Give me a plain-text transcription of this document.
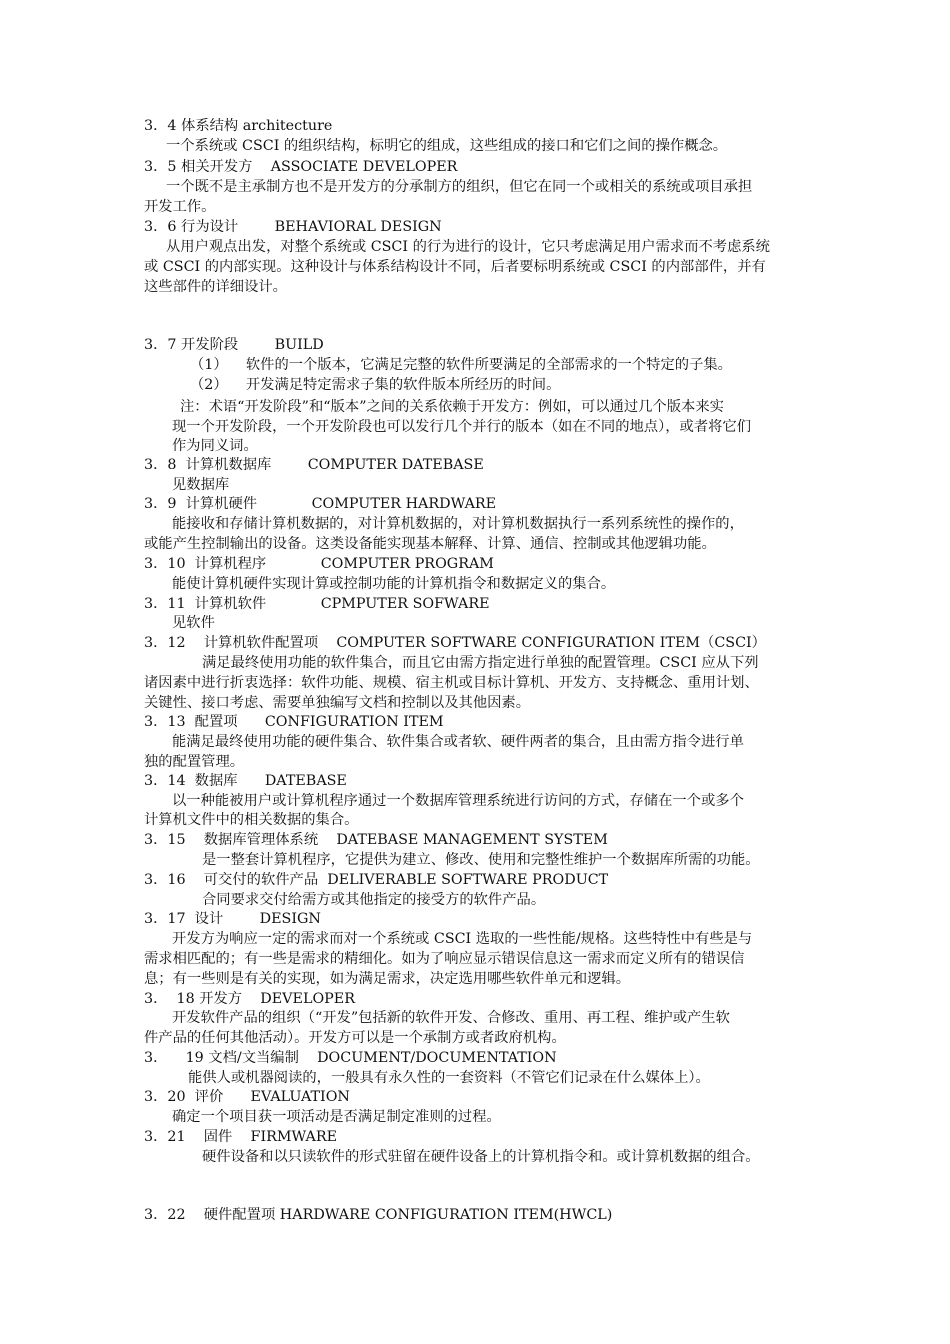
3．4 体系结构 architecture
一个系统或 CSCI 的组织结构，标明它的组成，这些组成的接口和它们之间的操作概念。
3．5 相关开发方    ASSOCIATE DEVELOPER
一个既不是主承制方也不是开发方的分承制方的组织，但它在同一个或相关的系统或项目承担
开发工作。
3．6 行为设计        BEHAVIORAL DESIGN
从用户观点出发，对整个系统或 CSCI 的行为进行的设计，它只考虑满足用户需求而不考虑系统
或 CSCI 的内部实现。这种设计与体系结构设计不同，后者要标明系统或 CSCI 的内部部件，并有
这些部件的详细设计。
3．7 开发阶段        BUILD
（1）    软件的一个版本，它满足完整的软件所要满足的全部需求的一个特定的子集。
（2）    开发满足特定需求子集的软件版本所经历的时间。
注：术语“开发阶段”和“版本”之间的关系依赖于开发方：例如，可以通过几个版本来实
现一个开发阶段，一个开发阶段也可以发行几个并行的版本（如在不同的地点），或者将它们
作为同义词。
3．8  计算机数据库        COMPUTER DATEBASE
见数据库
3．9  计算机硬件            COMPUTER HARDWARE
能接收和存储计算机数据的，对计算机数据的，对计算机数据执行一系列系统性的操作的，
或能产生控制输出的设备。这类设备能实现基本解释、计算、通信、控制或其他逻辑功能。
3．10  计算机程序            COMPUTER PROGRAM
能使计算机硬件实现计算或控制功能的计算机指令和数据定义的集合。
3．11  计算机软件            CPMPUTER SOFWARE
见软件
3．12    计算机软件配置项    COMPUTER SOFTWARE CONFIGURATION ITEM（CSCI）
满足最终使用功能的软件集合，而且它由需方指定进行单独的配置管理。CSCI 应从下列
诸因素中进行折衷选择：软件功能、规模、宿主机或目标计算机、开发方、支持概念、重用计划、
关键性、接口考虑、需要单独编写文档和控制以及其他因素。
3．13  配置项      CONFIGURATION ITEM
能满足最终使用功能的硬件集合、软件集合或者软、硬件两者的集合，且由需方指令进行单
独的配置管理。
3．14  数据库      DATEBASE
以一种能被用户或计算机程序通过一个数据库管理系统进行访问的方式，存储在一个或多个
计算机文件中的相关数据的集合。
3．15    数据库管理体系统    DATEBASE MANAGEMENT SYSTEM
是一整套计算机程序，它提供为建立、修改、使用和完整性维护一个数据库所需的功能。
3．16    可交付的软件产品  DELIVERABLE SOFTWARE PRODUCT
合同要求交付给需方或其他指定的接受方的软件产品。
3．17  设计        DESIGN
开发方为响应一定的需求而对一个系统或 CSCI 选取的一些性能/规格。这些特性中有些是与
需求相匹配的；有一些是需求的精细化。如为了响应显示错误信息这一需求而定义所有的错误信
息；有一些则是有关的实现，如为满足需求，决定选用哪些软件单元和逻辑。
3．  18 开发方    DEVELOPER
开发软件产品的组织（“开发”包括新的软件开发、合修改、重用、再工程、维护或产生软
件产品的任何其他活动）。开发方可以是一个承制方或者政府机构。
3．    19 文档/文当编制    DOCUMENT/DOCUMENTATION
能供人或机器阅读的，一般具有永久性的一套资料（不管它们记录在什么媒体上）。
3．20  评价      EVALUATION
确定一个项目获一项活动是否满足制定准则的过程。
3．21    固件    FIRMWARE
硬件设备和以只读软件的形式驻留在硬件设备上的计算机指令和。或计算机数据的组合。
3．22    硬件配置项 HARDWARE CONFIGURATION ITEM(HWCL)
